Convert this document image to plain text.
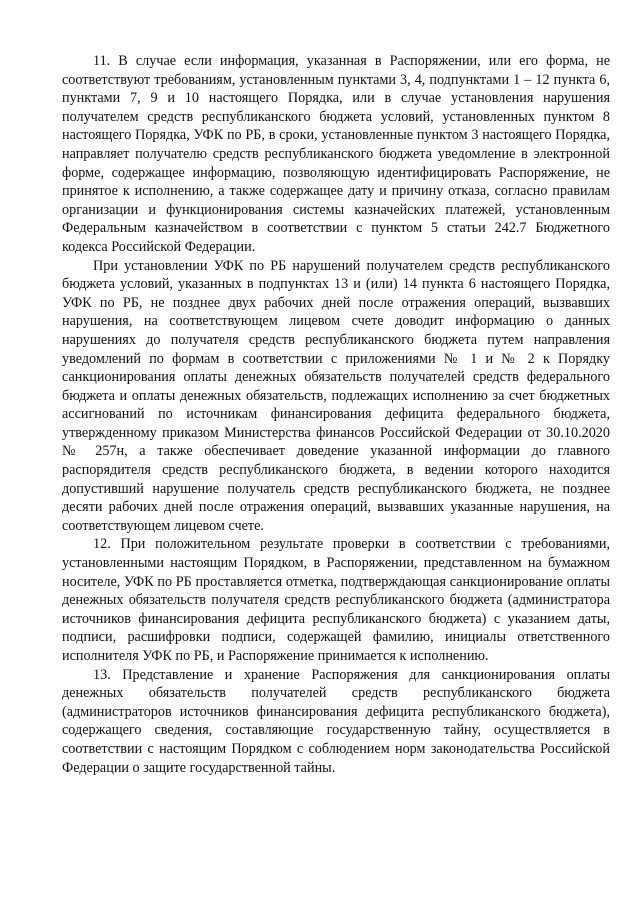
11. В случае если информация, указанная в Распоряжении, или его форма, не соответствуют требованиям, установленным пунктами 3, 4, подпунктами 1 – 12 пункта 6, пунктами 7, 9 и 10 настоящего Порядка, или в случае установления нарушения получателем средств республиканского бюджета условий, установленных пунктом 8 настоящего Порядка, УФК по РБ, в сроки, установленные пунктом 3 настоящего Порядка, направляет получателю средств республиканского бюджета уведомление в электронной форме, содержащее информацию, позволяющую идентифицировать Распоряжение, не принятое к исполнению, а также содержащее дату и причину отказа, согласно правилам организации и функционирования системы казначейских платежей, установленным Федеральным казначейством в соответствии с пунктом 5 статьи 242.7 Бюджетного кодекса Российской Федерации.

При установлении УФК по РБ нарушений получателем средств республиканского бюджета условий, указанных в подпунктах 13 и (или) 14 пункта 6 настоящего Порядка, УФК по РБ, не позднее двух рабочих дней после отражения операций, вызвавших нарушения, на соответствующем лицевом счете доводит информацию о данных нарушениях до получателя средств республиканского бюджета путем направления уведомлений по формам в соответствии с приложениями № 1 и № 2 к Порядку санкционирования оплаты денежных обязательств получателей средств федерального бюджета и оплаты денежных обязательств, подлежащих исполнению за счет бюджетных ассигнований по источникам финансирования дефицита федерального бюджета, утвержденному приказом Министерства финансов Российской Федерации от 30.10.2020 № 257н, а также обеспечивает доведение указанной информации до главного распорядителя средств республиканского бюджета, в ведении которого находится допустивший нарушение получатель средств республиканского бюджета, не позднее десяти рабочих дней после отражения операций, вызвавших указанные нарушения, на соответствующем лицевом счете.

12. При положительном результате проверки в соответствии с требованиями, установленными настоящим Порядком, в Распоряжении, представленном на бумажном носителе, УФК по РБ проставляется отметка, подтверждающая санкционирование оплаты денежных обязательств получателя средств республиканского бюджета (администратора источников финансирования дефицита республиканского бюджета) с указанием даты, подписи, расшифровки подписи, содержащей фамилию, инициалы ответственного исполнителя УФК по РБ, и Распоряжение принимается к исполнению.

13. Представление и хранение Распоряжения для санкционирования оплаты денежных обязательств получателей средств республиканского бюджета (администраторов источников финансирования дефицита республиканского бюджета), содержащего сведения, составляющие государственную тайну, осуществляется в соответствии с настоящим Порядком с соблюдением норм законодательства Российской Федерации о защите государственной тайны.
